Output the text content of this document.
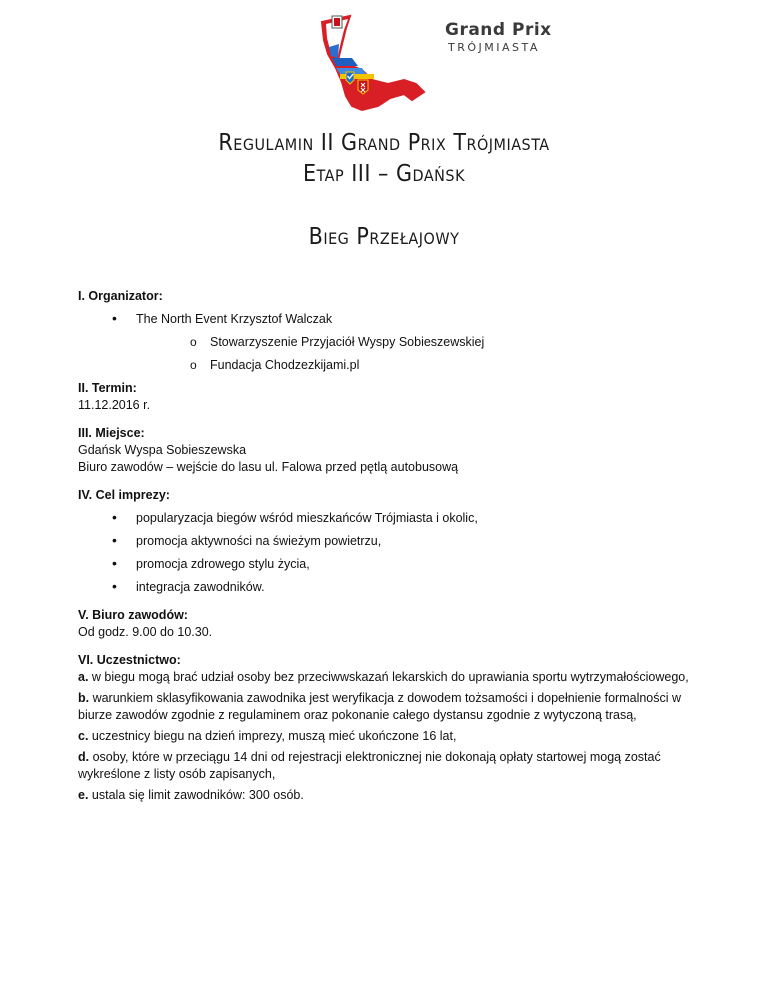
Grand Prix
TRÓJMIASTA
Regulamin II Grand Prix Trójmiasta
Etap III – Gdańsk
Bieg Przełajowy

I. Organizator:

• The North Event Krzysztof Walczak
o Stowarzyszenie Przyjaciół Wyspy Sobieszewskiej
o Fundacja Chodzezkijami.pl

II. Termin:

11.12.2016 r.

III. Miejsce:

Gdańsk Wyspa Sobieszewska

Biuro zawodów – wejście do lasu ul. Falowa przed pętlą autobusową

IV. Cel imprezy:

• popularyzacja biegów wśród mieszkańców Trójmiasta i okolic,
• promocja aktywności na świeżym powietrzu,
• promocja zdrowego stylu życia,
• integracja zawodników.

V. Biuro zawodów:

Od godz. 9.00 do 10.30.

VI. Uczestnictwo:

a. w biegu mogą brać udział osoby bez przeciwwskazań lekarskich do uprawiania sportu wytrzymałościowego,

b. warunkiem sklasyfikowania zawodnika jest weryfikacja z dowodem tożsamości i dopełnienie formalności w biurze zawodów zgodnie z regulaminem oraz pokonanie całego dystansu zgodnie z wytyczoną trasą,

c. uczestnicy biegu na dzień imprezy, muszą mieć ukończone 16 lat,

d. osoby, które w przeciągu 14 dni od rejestracji elektronicznej nie dokonają opłaty startowej mogą zostać wykreślone z listy osób zapisanych,

e. ustala się limit zawodników: 300 osób.
